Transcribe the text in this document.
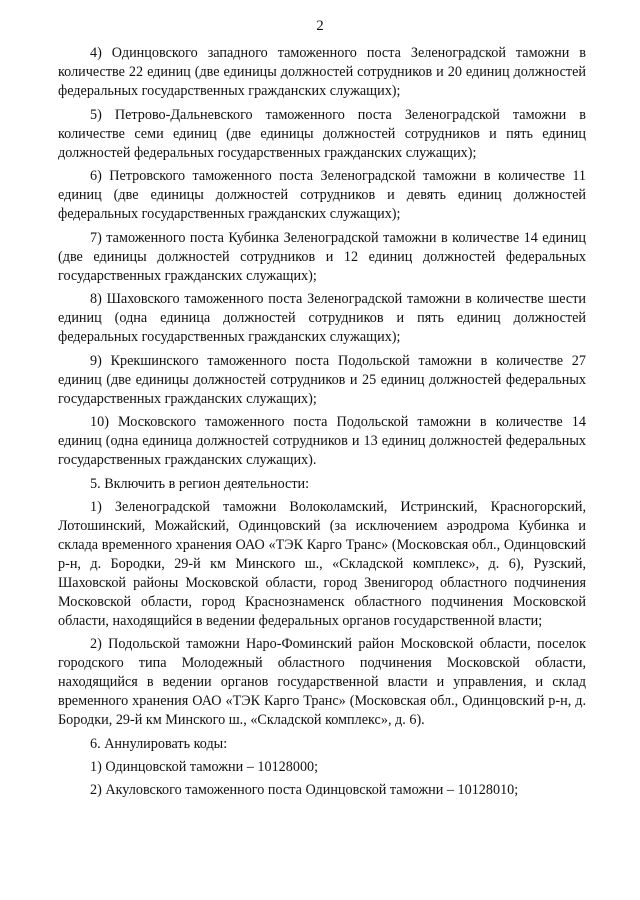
2

4) Одинцовского западного таможенного поста Зеленоградской таможни в количестве 22 единиц (две единицы должностей сотрудников и 20 единиц должностей федеральных государственных гражданских служащих);

5) Петрово-Дальневского таможенного поста Зеленоградской таможни в количестве семи единиц (две единицы должностей сотрудников и пять единиц должностей федеральных государственных гражданских служащих);

6) Петровского таможенного поста Зеленоградской таможни в количестве 11 единиц (две единицы должностей сотрудников и девять единиц должностей федеральных государственных гражданских служащих);

7) таможенного поста Кубинка Зеленоградской таможни в количестве 14 единиц (две единицы должностей сотрудников и 12 единиц должностей федеральных государственных гражданских служащих);

8) Шаховского таможенного поста Зеленоградской таможни в количестве шести единиц (одна единица должностей сотрудников и пять единиц должностей федеральных государственных гражданских служащих);

9) Крекшинского таможенного поста Подольской таможни в количестве 27 единиц (две единицы должностей сотрудников и 25 единиц должностей федеральных государственных гражданских служащих);

10) Московского таможенного поста Подольской таможни в количестве 14 единиц (одна единица должностей сотрудников и 13 единиц должностей федеральных государственных гражданских служащих).

5. Включить в регион деятельности:

1) Зеленоградской таможни Волоколамский, Истринский, Красногорский, Лотошинский, Можайский, Одинцовский (за исключением аэродрома Кубинка и склада временного хранения ОАО «ТЭК Карго Транс» (Московская обл., Одинцовский р-н, д. Бородки, 29-й км Минского ш., «Складской комплекс», д. 6), Рузский, Шаховской районы Московской области, город Звенигород областного подчинения Московской области, город Краснознаменск областного подчинения Московской области, находящийся в ведении федеральных органов государственной власти;

2) Подольской таможни Наро-Фоминский район Московской области, поселок городского типа Молодежный областного подчинения Московской области, находящийся в ведении органов государственной власти и управления, и склад временного хранения ОАО «ТЭК Карго Транс» (Московская обл., Одинцовский р-н, д. Бородки, 29-й км Минского ш., «Складской комплекс», д. 6).

6. Аннулировать коды:

1) Одинцовской таможни – 10128000;

2) Акуловского таможенного поста Одинцовской таможни – 10128010;
